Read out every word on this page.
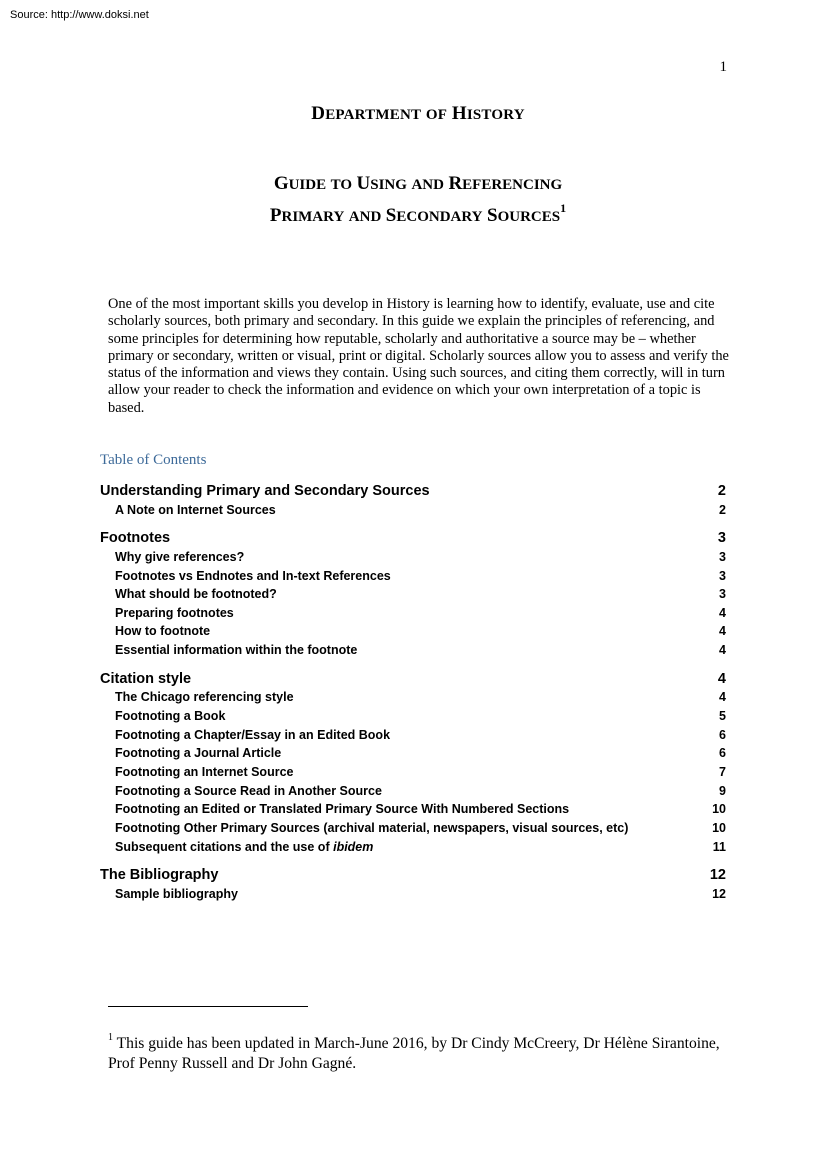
Source: http://www.doksi.net
1
DEPARTMENT OF HISTORY
GUIDE TO USING AND REFERENCING
PRIMARY AND SECONDARY SOURCES$^1$

One of the most important skills you develop in History is learning how to identify, evaluate, use and cite scholarly sources, both primary and secondary. In this guide we explain the principles of referencing, and some principles for determining how reputable, scholarly and authoritative a source may be – whether primary or secondary, written or visual, print or digital. Scholarly sources allow you to assess and verify the status of the information and views they contain. Using such sources, and citing them correctly, will in turn allow your reader to check the information and evidence on which your own interpretation of a topic is based.

Table of Contents
Understanding Primary and Secondary Sources	2
A Note on Internet Sources	2
Footnotes	3
Why give references?	3
Footnotes vs Endnotes and In-text References	3
What should be footnoted?	3
Preparing footnotes	4
How to footnote	4
Essential information within the footnote	4
Citation style	4
The Chicago referencing style	4
Footnoting a Book	5
Footnoting a Chapter/Essay in an Edited Book	6
Footnoting a Journal Article	6
Footnoting an Internet Source	7
Footnoting a Source Read in Another Source	9
Footnoting an Edited or Translated Primary Source With Numbered Sections	10
Footnoting Other Primary Sources (archival material, newspapers, visual sources, etc)	10
Subsequent citations and the use of ibidem	11
The Bibliography	12
Sample bibliography	12

$^1$ This guide has been updated in March-June 2016, by Dr Cindy McCreery, Dr Hélène Sirantoine, Prof Penny Russell and Dr John Gagné.
